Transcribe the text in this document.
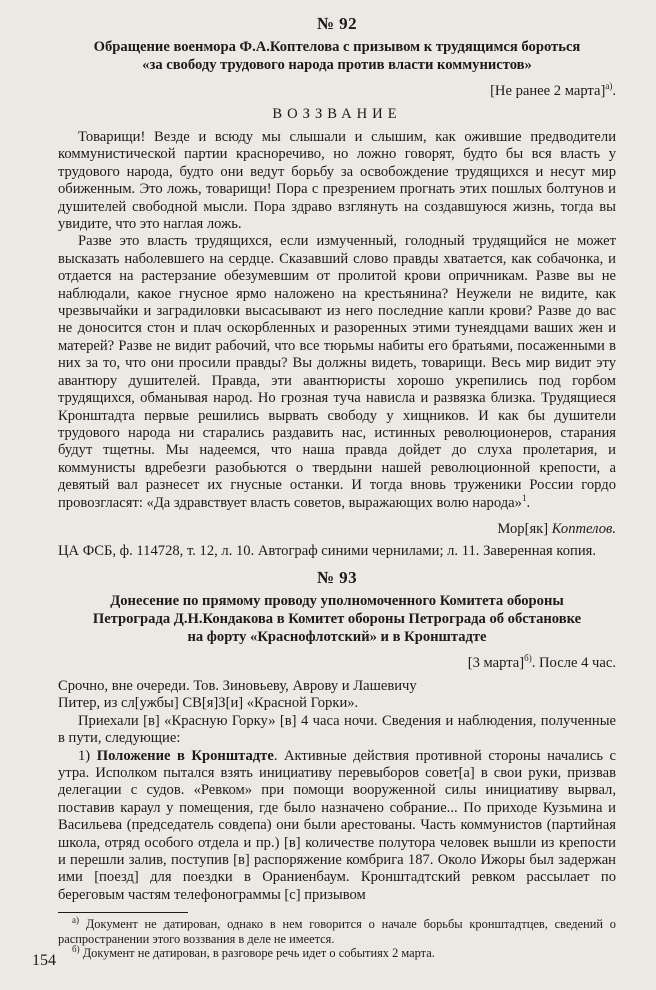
№ 92

Обращение военмора Ф.А.Коптелова с призывом к трудящимся бороться
«за свободу трудового народа против власти коммунистов»

[Не ранее 2 марта]$^{а)}$.
ВОЗЗВАНИЕ

Товарищи! Везде и всюду мы слышали и слышим, как ожившие предводители коммунистической партии красноречиво, но ложно говорят, будто бы вся власть у трудового народа, будто они ведут борьбу за освобождение трудящихся и несут мир обиженным. Это ложь, товарищи! Пора с презрением прогнать этих пошлых болтунов и душителей свободной мысли. Пора здраво взглянуть на создавшуюся жизнь, тогда вы увидите, что это наглая ложь.

Разве это власть трудящихся, если измученный, голодный трудящийся не может высказать наболевшего на сердце. Сказавший слово правды хватается, как собачонка, и отдается на растерзание обезумевшим от пролитой крови опричникам. Разве вы не наблюдали, какое гнусное ярмо наложено на крестьянина? Неужели не видите, как чрезвычайки и заградиловки высасывают из него последние капли крови? Разве до вас не доносится стон и плач оскорбленных и разоренных этими тунеядцами ваших жен и матерей? Разве не видит рабочий, что все тюрьмы набиты его братьями, посаженными в них за то, что они просили правды? Вы должны видеть, товарищи. Весь мир видит эту авантюру душителей. Правда, эти авантюристы хорошо укрепились под горбом трудящихся, обманывая народ. Но грозная туча нависла и развязка близка. Трудящиеся Кронштадта первые решились вырвать свободу у хищников. И как бы душители трудового народа ни старались раздавить нас, истинных революционеров, старания будут тщетны. Мы надеемся, что наша правда дойдет до слуха пролетария, и коммунисты вдребезги разобьются о твердыни нашей революционной крепости, а девятый вал разнесет их гнусные останки. И тогда вновь труженики России гордо провозгласят: «Да здравствует власть советов, выражающих волю народа»$^1$.

Мор[як] Коптелов.
ЦА ФСБ, ф. 114728, т. 12, л. 10. Автограф синими чернилами; л. 11. Заверенная копия.
№ 93

Донесение по прямому проводу уполномоченного Комитета обороны
Петрограда Д.Н.Кондакова в Комитет обороны Петрограда об обстановке
на форту «Краснофлотский» и в Кронштадте

[3 марта]$^{б)}$. После 4 час.

Срочно, вне очереди. Тов. Зиновьеву, Аврову и Лашевичу

Питер, из сл[ужбы] СВ[я]З[и] «Красной Горки».

Приехали [в] «Красную Горку» [в] 4 часа ночи. Сведения и наблюдения, полученные в пути, следующие:

1) Положение в Кронштадте. Активные действия противной стороны начались с утра. Исполком пытался взять инициативу перевыборов совет[а] в свои руки, призвав делегации с судов. «Ревком» при помощи вооруженной силы инициативу вырвал, поставив караул у помещения, где было назначено собрание... По приходе Кузьмина и Васильева (председатель совдепа) они были арестованы. Часть коммунистов (партийная школа, отряд особого отдела и пр.) [в] количестве полутора человек вышли из крепости и перешли залив, поступив [в] распоряжение комбрига 187. Около Ижоры был задержан ими [поезд] для поездки в Ораниенбаум. Кронштадтский ревком рассылает по береговым частям телефонограммы [с] призывом

$^{а)}$ Документ не датирован, однако в нем говорится о начале борьбы кронштадтцев, сведений о распространении этого воззвания в деле не имеется.

$^{б)}$ Документ не датирован, в разговоре речь идет о событиях 2 марта.

154
